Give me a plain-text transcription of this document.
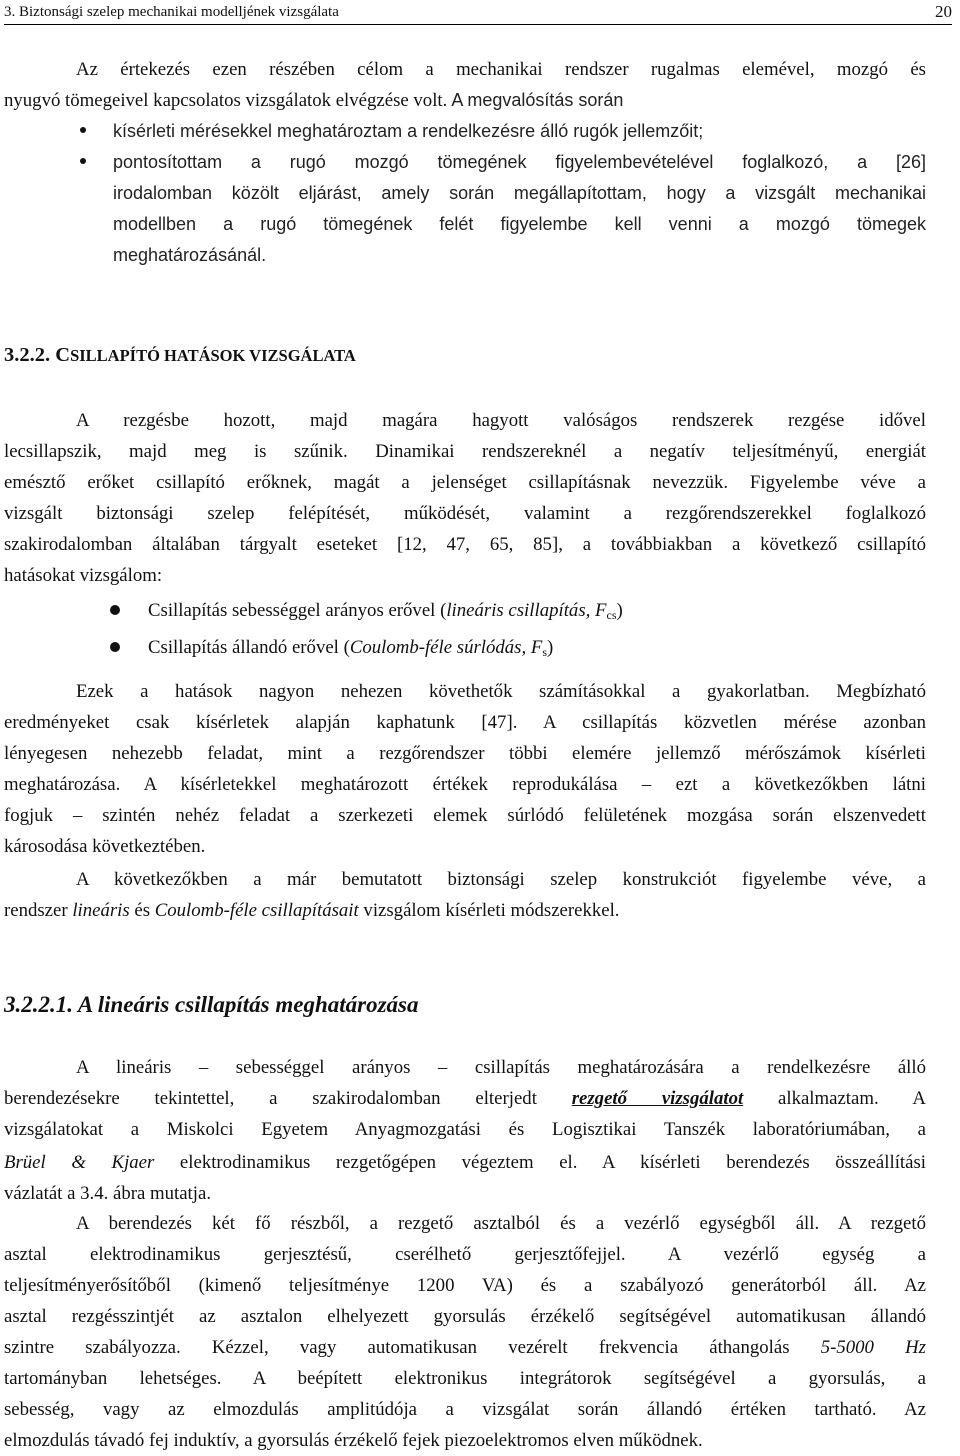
3. Biztonsági szelep mechanikai modelljének vizsgálata	20
Az értekezés ezen részében célom a mechanikai rendszer rugalmas elemével, mozgó és
nyugvó tömegeivel kapcsolatos vizsgálatok elvégzése volt. A megvalósítás során
kísérleti mérésekkel meghatároztam a rendelkezésre álló rugók jellemzőit;
pontosítottam a rugó mozgó tömegének figyelembevételével foglalkozó, a [26]
irodalomban közölt eljárást, amely során megállapítottam, hogy a vizsgált mechanikai
modellben a rugó tömegének felét figyelembe kell venni a mozgó tömegek
meghatározásánál.
3.2.2. CSILLAPÍTÓ HATÁSOK VIZSGÁLATA
A rezgésbe hozott, majd magára hagyott valóságos rendszerek rezgése idővel
lecsillapszik, majd meg is szűnik. Dinamikai rendszereknél a negatív teljesítményű, energiát
emésztő erőket csillapító erőknek, magát a jelenséget csillapításnak nevezzük. Figyelembe véve a
vizsgált biztonsági szelep felépítését, működését, valamint a rezgőrendszerekkel foglalkozó
szakirodalomban általában tárgyalt eseteket [12, 47, 65, 85], a továbbiakban a következő csillapító
hatásokat vizsgálom:
Csillapítás sebességgel arányos erővel (lineáris csillapítás, $F_{cs}$)
Csillapítás állandó erővel (Coulomb-féle súrlódás, $F_s$)
Ezek a hatások nagyon nehezen követhetők számításokkal a gyakorlatban. Megbízható
eredményeket csak kísérletek alapján kaphatunk [47]. A csillapítás közvetlen mérése azonban
lényegesen nehezebb feladat, mint a rezgőrendszer többi elemére jellemző mérőszámok kísérleti
meghatározása. A kísérletekkel meghatározott értékek reprodukálása – ezt a következőkben látni
fogjuk – szintén nehéz feladat a szerkezeti elemek súrlódó felületének mozgása során elszenvedett
károsodása következtében.
A következőkben a már bemutatott biztonsági szelep konstrukciót figyelembe véve, a
rendszer lineáris és Coulomb-féle csillapításait vizsgálom kísérleti módszerekkel.
3.2.2.1. A lineáris csillapítás meghatározása
A lineáris – sebességgel arányos – csillapítás meghatározására a rendelkezésre álló
berendezésekre tekintettel, a szakirodalomban elterjedt rezgető vizsgálatot alkalmaztam. A
vizsgálatokat a Miskolci Egyetem Anyagmozgatási és Logisztikai Tanszék laboratóriumában, a
Brüel & Kjaer elektrodinamikus rezgetőgépen végeztem el. A kísérleti berendezés összeállítási
vázlatát a 3.4. ábra mutatja.
A berendezés két fő részből, a rezgető asztalból és a vezérlő egységből áll. A rezgető
asztal elektrodinamikus gerjesztésű, cserélhető gerjesztőfejjel. A vezérlő egység a
teljesítményerősítőből (kimenő teljesítménye 1200 VA) és a szabályozó generátorból áll. Az
asztal rezgésszintjét az asztalon elhelyezett gyorsulás érzékelő segítségével automatikusan állandó
szintre szabályozza. Kézzel, vagy automatikusan vezérelt frekvencia áthangolás 5-5000 Hz
tartományban lehetséges. A beépített elektronikus integrátorok segítségével a gyorsulás, a
sebesség, vagy az elmozdulás amplitúdója a vizsgálat során állandó értéken tartható. Az
elmozdulás távadó fej induktív, a gyorsulás érzékelő fejek piezoelektromos elven működnek.
